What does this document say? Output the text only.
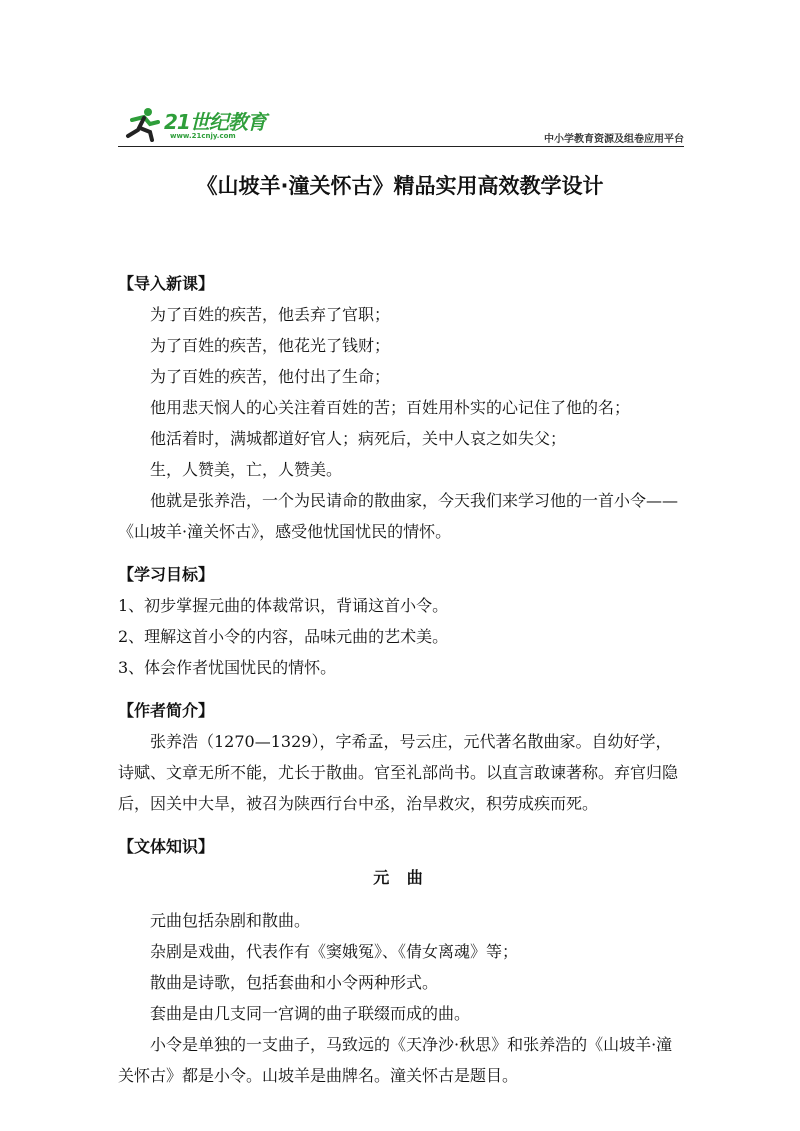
21世纪教育
www.21cnjy.com	中小学教育资源及组卷应用平台
《山坡羊·潼关怀古》精品实用高效教学设计
【导入新课】

为了百姓的疾苦，他丢弃了官职；

为了百姓的疾苦，他花光了钱财；

为了百姓的疾苦，他付出了生命；

他用悲天悯人的心关注着百姓的苦；百姓用朴实的心记住了他的名；

他活着时，满城都道好官人；病死后，关中人哀之如失父；

生，人赞美，亡，人赞美。

他就是张养浩，一个为民请命的散曲家，今天我们来学习他的一首小令——《山坡羊·潼关怀古》，感受他忧国忧民的情怀。

【学习目标】

1、初步掌握元曲的体裁常识，背诵这首小令。

2、理解这首小令的内容，品味元曲的艺术美。

3、体会作者忧国忧民的情怀。

【作者简介】

张养浩（1270—1329），字希孟，号云庄，元代著名散曲家。自幼好学，诗赋、文章无所不能，尤长于散曲。官至礼部尚书。以直言敢谏著称。弃官归隐后，因关中大旱，被召为陕西行台中丞，治旱救灾，积劳成疾而死。

【文体知识】
元 曲

元曲包括杂剧和散曲。

杂剧是戏曲，代表作有《窦娥冤》、《倩女离魂》等；

散曲是诗歌，包括套曲和小令两种形式。

套曲是由几支同一宫调的曲子联缀而成的曲。

小令是单独的一支曲子，马致远的《天净沙·秋思》和张养浩的《山坡羊·潼关怀古》都是小令。山坡羊是曲牌名。潼关怀古是题目。
